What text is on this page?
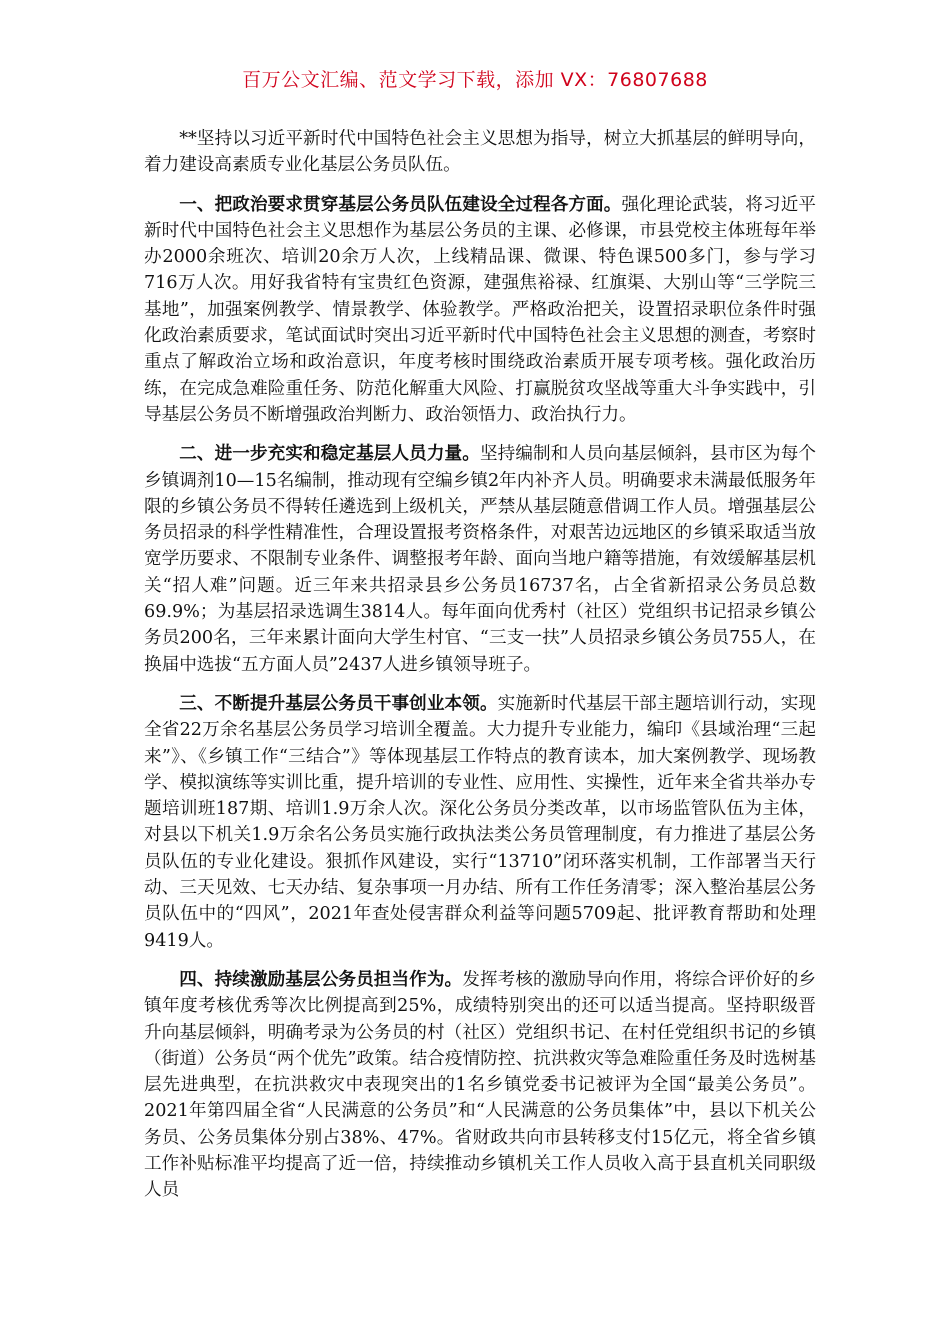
百万公文汇编、范文学习下载，添加 VX：76807688

**坚持以习近平新时代中国特色社会主义思想为指导，树立大抓基层的鲜明导向，着力建设高素质专业化基层公务员队伍。

一、把政治要求贯穿基层公务员队伍建设全过程各方面。强化理论武装，将习近平新时代中国特色社会主义思想作为基层公务员的主课、必修课，市县党校主体班每年举办2000余班次、培训20余万人次，上线精品课、微课、特色课500多门，参与学习716万人次。用好我省特有宝贵红色资源，建强焦裕禄、红旗渠、大别山等“三学院三基地”，加强案例教学、情景教学、体验教学。严格政治把关，设置招录职位条件时强化政治素质要求，笔试面试时突出习近平新时代中国特色社会主义思想的测查，考察时重点了解政治立场和政治意识，年度考核时围绕政治素质开展专项考核。强化政治历练，在完成急难险重任务、防范化解重大风险、打赢脱贫攻坚战等重大斗争实践中，引导基层公务员不断增强政治判断力、政治领悟力、政治执行力。

二、进一步充实和稳定基层人员力量。坚持编制和人员向基层倾斜，县市区为每个乡镇调剂10—15名编制，推动现有空编乡镇2年内补齐人员。明确要求未满最低服务年限的乡镇公务员不得转任遴选到上级机关，严禁从基层随意借调工作人员。增强基层公务员招录的科学性精准性，合理设置报考资格条件，对艰苦边远地区的乡镇采取适当放宽学历要求、不限制专业条件、调整报考年龄、面向当地户籍等措施，有效缓解基层机关“招人难”问题。近三年来共招录县乡公务员16737名，占全省新招录公务员总数69.9%；为基层招录选调生3814人。每年面向优秀村（社区）党组织书记招录乡镇公务员200名，三年来累计面向大学生村官、“三支一扶”人员招录乡镇公务员755人，在换届中选拔“五方面人员”2437人进乡镇领导班子。

三、不断提升基层公务员干事创业本领。实施新时代基层干部主题培训行动，实现全省22万余名基层公务员学习培训全覆盖。大力提升专业能力，编印《县域治理“三起来”》、《乡镇工作“三结合”》等体现基层工作特点的教育读本，加大案例教学、现场教学、模拟演练等实训比重，提升培训的专业性、应用性、实操性，近年来全省共举办专题培训班187期、培训1.9万余人次。深化公务员分类改革，以市场监管队伍为主体，对县以下机关1.9万余名公务员实施行政执法类公务员管理制度，有力推进了基层公务员队伍的专业化建设。狠抓作风建设，实行“13710”闭环落实机制，工作部署当天行动、三天见效、七天办结、复杂事项一月办结、所有工作任务清零；深入整治基层公务员队伍中的“四风”，2021年查处侵害群众利益等问题5709起、批评教育帮助和处理9419人。

四、持续激励基层公务员担当作为。发挥考核的激励导向作用，将综合评价好的乡镇年度考核优秀等次比例提高到25%，成绩特别突出的还可以适当提高。坚持职级晋升向基层倾斜，明确考录为公务员的村（社区）党组织书记、在村任党组织书记的乡镇（街道）公务员“两个优先”政策。结合疫情防控、抗洪救灾等急难险重任务及时选树基层先进典型，在抗洪救灾中表现突出的1名乡镇党委书记被评为全国“最美公务员”。2021年第四届全省“人民满意的公务员”和“人民满意的公务员集体”中，县以下机关公务员、公务员集体分别占38%、47%。省财政共向市县转移支付15亿元，将全省乡镇工作补贴标准平均提高了近一倍，持续推动乡镇机关工作人员收入高于县直机关同职级人员
